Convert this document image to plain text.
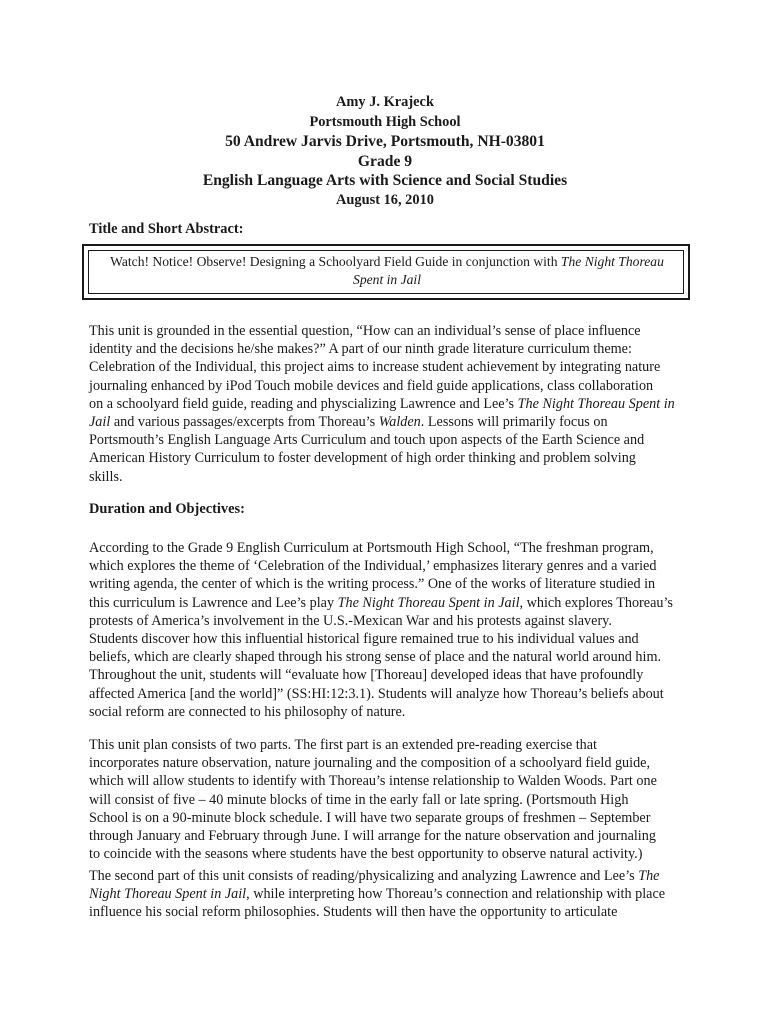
Amy J. Krajeck
Portsmouth High School
50 Andrew Jarvis Drive, Portsmouth, NH-03801
Grade 9
English Language Arts with Science and Social Studies
August 16, 2010
Title and Short Abstract:
Watch! Notice! Observe! Designing a Schoolyard Field Guide in conjunction with The Night Thoreau
Spent in Jail
This unit is grounded in the essential question, “How can an individual’s sense of place influence
identity and the decisions he/she makes?” A part of our ninth grade literature curriculum theme:
Celebration of the Individual, this project aims to increase student achievement by integrating nature
journaling enhanced by iPod Touch mobile devices and field guide applications, class collaboration
on a schoolyard field guide, reading and physcializing Lawrence and Lee’s The Night Thoreau Spent in
Jail and various passages/excerpts from Thoreau’s Walden. Lessons will primarily focus on
Portsmouth’s English Language Arts Curriculum and touch upon aspects of the Earth Science and
American History Curriculum to foster development of high order thinking and problem solving
skills.
Duration and Objectives:
According to the Grade 9 English Curriculum at Portsmouth High School, “The freshman program,
which explores the theme of ‘Celebration of the Individual,’ emphasizes literary genres and a varied
writing agenda, the center of which is the writing process.” One of the works of literature studied in
this curriculum is Lawrence and Lee’s play The Night Thoreau Spent in Jail, which explores Thoreau’s
protests of America’s involvement in the U.S.-Mexican War and his protests against slavery.
Students discover how this influential historical figure remained true to his individual values and
beliefs, which are clearly shaped through his strong sense of place and the natural world around him.
Throughout the unit, students will “evaluate how [Thoreau] developed ideas that have profoundly
affected America [and the world]” (SS:HI:12:3.1). Students will analyze how Thoreau’s beliefs about
social reform are connected to his philosophy of nature.
This unit plan consists of two parts. The first part is an extended pre-reading exercise that
incorporates nature observation, nature journaling and the composition of a schoolyard field guide,
which will allow students to identify with Thoreau’s intense relationship to Walden Woods. Part one
will consist of five – 40 minute blocks of time in the early fall or late spring. (Portsmouth High
School is on a 90-minute block schedule. I will have two separate groups of freshmen – September
through January and February through June. I will arrange for the nature observation and journaling
to coincide with the seasons where students have the best opportunity to observe natural activity.)
The second part of this unit consists of reading/physicalizing and analyzing Lawrence and Lee’s The
Night Thoreau Spent in Jail, while interpreting how Thoreau’s connection and relationship with place
influence his social reform philosophies. Students will then have the opportunity to articulate
